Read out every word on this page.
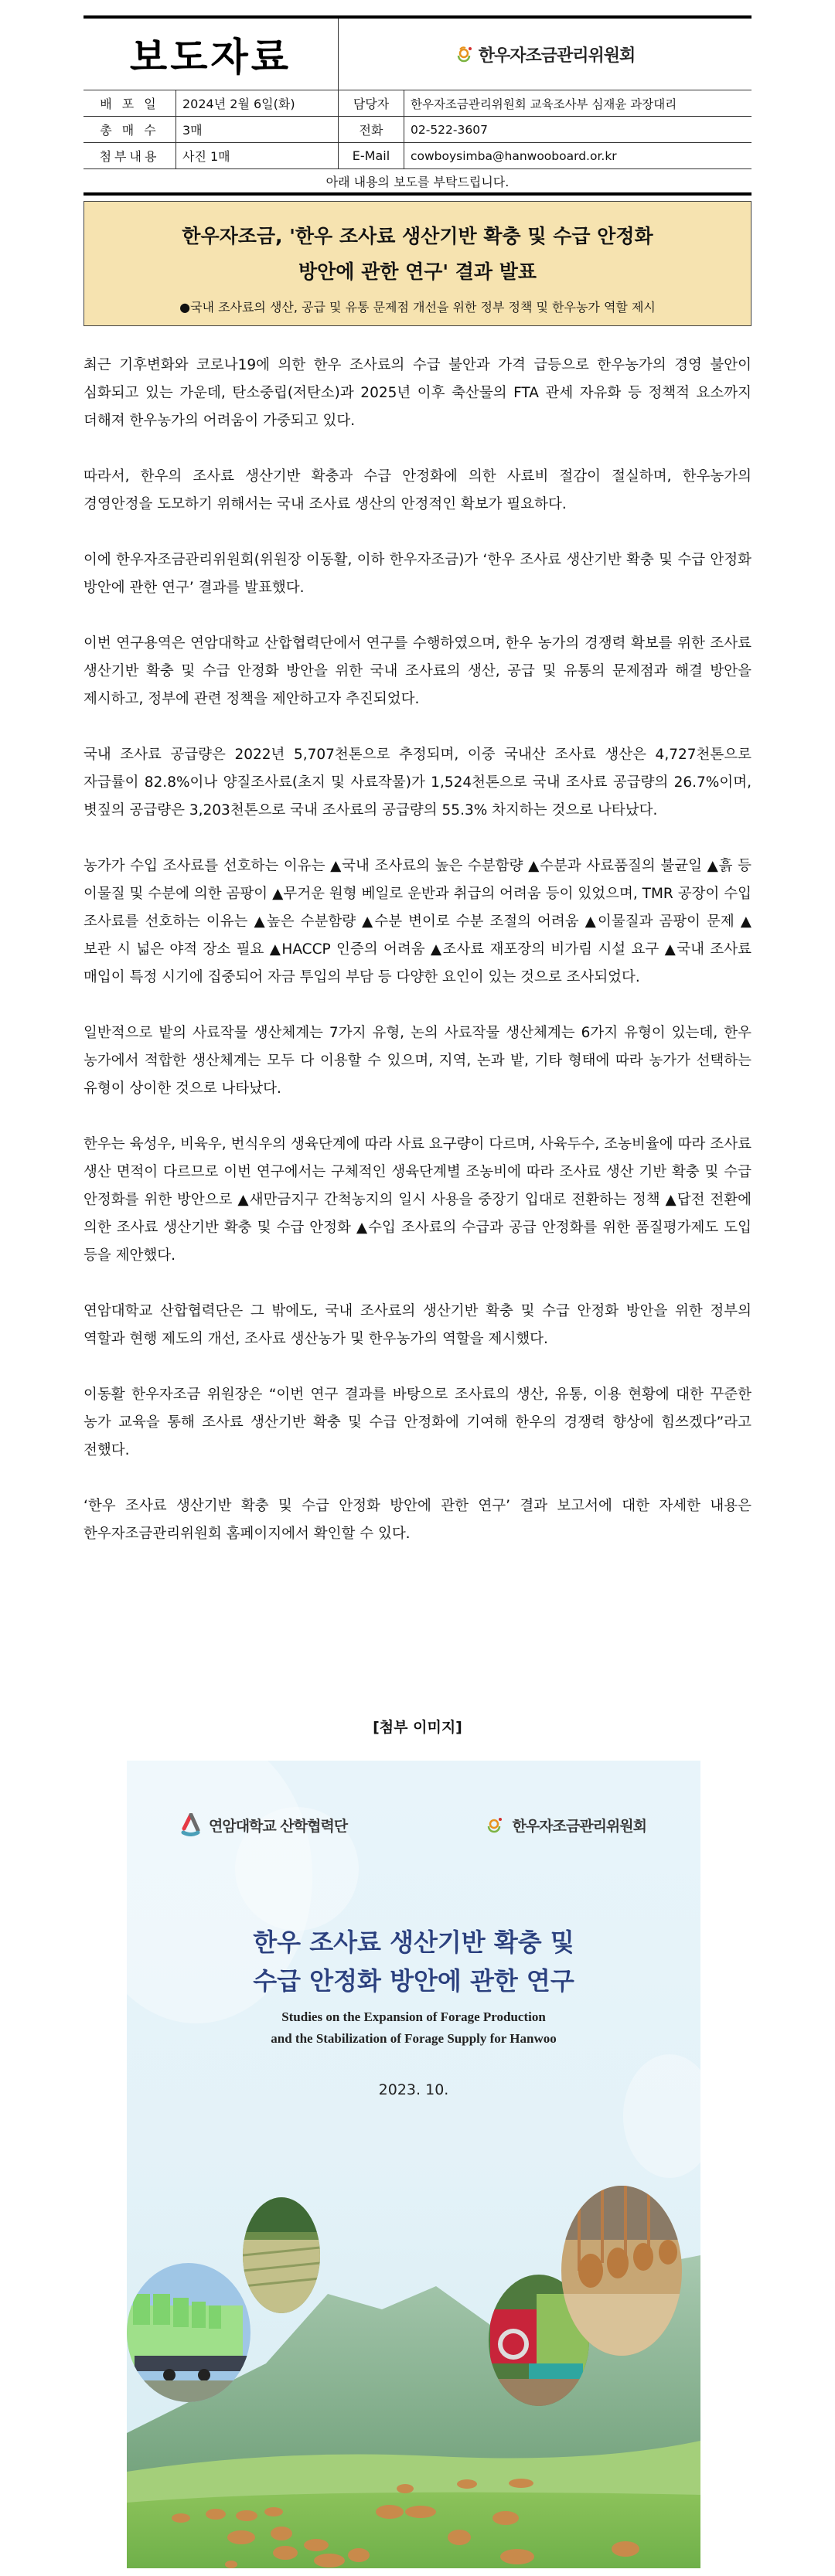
보도자료	한우자조금관리위원회
배 포 일	2024년 2월 6일(화)	담당자	한우자조금관리위원회 교육조사부 심재윤 과장대리
총 매 수	3매	전화	02-522-3607
첨부내용	사진 1매	E-Mail	cowboysimba@hanwooboard.or.kr
아래 내용의 보도를 부탁드립니다.
한우자조금, '한우 조사료 생산기반 확충 및 수급 안정화
방안에 관한 연구' 결과 발표
●국내 조사료의 생산, 공급 및 유통 문제점 개선을 위한 정부 정책 및 한우농가 역할 제시

최근 기후변화와 코로나19에 의한 한우 조사료의 수급 불안과 가격 급등으로 한우농가의 경영 불안이 심화되고 있는 가운데, 탄소중립(저탄소)과 2025년 이후 축산물의 FTA 관세 자유화 등 정책적 요소까지 더해져 한우농가의 어려움이 가중되고 있다.

따라서, 한우의 조사료 생산기반 확충과 수급 안정화에 의한 사료비 절감이 절실하며, 한우농가의 경영안정을 도모하기 위해서는 국내 조사료 생산의 안정적인 확보가 필요하다.

이에 한우자조금관리위원회(위원장 이동활, 이하 한우자조금)가 ‘한우 조사료 생산기반 확충 및 수급 안정화 방안에 관한 연구’ 결과를 발표했다.

이번 연구용역은 연암대학교 산합협력단에서 연구를 수행하였으며, 한우 농가의 경쟁력 확보를 위한 조사료 생산기반 확충 및 수급 안정화 방안을 위한 국내 조사료의 생산, 공급 및 유통의 문제점과 해결 방안을 제시하고, 정부에 관련 정책을 제안하고자 추진되었다.

국내 조사료 공급량은 2022년 5,707천톤으로 추정되며, 이중 국내산 조사료 생산은 4,727천톤으로 자급률이 82.8%이나 양질조사료(초지 및 사료작물)가 1,524천톤으로 국내 조사료 공급량의 26.7%이며, 볏짚의 공급량은 3,203천톤으로 국내 조사료의 공급량의 55.3% 차지하는 것으로 나타났다.

농가가 수입 조사료를 선호하는 이유는 ▲국내 조사료의 높은 수분함량 ▲수분과 사료품질의 불균일 ▲흙 등 이물질 및 수분에 의한 곰팡이 ▲무거운 원형 베일로 운반과 취급의 어려움 등이 있었으며, TMR 공장이 수입 조사료를 선호하는 이유는 ▲높은 수분함량 ▲수분 변이로 수분 조절의 어려움 ▲이물질과 곰팡이 문제 ▲보관 시 넓은 야적 장소 필요 ▲HACCP 인증의 어려움 ▲조사료 재포장의 비가림 시설 요구 ▲국내 조사료 매입이 특정 시기에 집중되어 자금 투입의 부담 등 다양한 요인이 있는 것으로 조사되었다.

일반적으로 밭의 사료작물 생산체계는 7가지 유형, 논의 사료작물 생산체계는 6가지 유형이 있는데, 한우 농가에서 적합한 생산체계는 모두 다 이용할 수 있으며, 지역, 논과 밭, 기타 형태에 따라 농가가 선택하는 유형이 상이한 것으로 나타났다.

한우는 육성우, 비육우, 번식우의 생육단계에 따라 사료 요구량이 다르며, 사육두수, 조농비율에 따라 조사료 생산 면적이 다르므로 이번 연구에서는 구체적인 생육단계별 조농비에 따라 조사료 생산 기반 확충 및 수급 안정화를 위한 방안으로 ▲새만금지구 간척농지의 일시 사용을 중장기 입대로 전환하는 정책 ▲답전 전환에 의한 조사료 생산기반 확충 및 수급 안정화 ▲수입 조사료의 수급과 공급 안정화를 위한 품질평가제도 도입 등을 제안했다.

연암대학교 산합협력단은 그 밖에도, 국내 조사료의 생산기반 확충 및 수급 안정화 방안을 위한 정부의 역할과 현행 제도의 개선, 조사료 생산농가 및 한우농가의 역할을 제시했다.

이동활 한우자조금 위원장은 “이번 연구 결과를 바탕으로 조사료의 생산, 유통, 이용 현황에 대한 꾸준한 농가 교육을 통해 조사료 생산기반 확충 및 수급 안정화에 기여해 한우의 경쟁력 향상에 힘쓰겠다”라고 전했다.

‘한우 조사료 생산기반 확충 및 수급 안정화 방안에 관한 연구’ 결과 보고서에 대한 자세한 내용은 한우자조금관리위원회 홈페이지에서 확인할 수 있다.

[첨부 이미지]
연암대학교 산학협력단	한우자조금관리위원회
한우 조사료 생산기반 확충 및
수급 안정화 방안에 관한 연구
Studies on the Expansion of Forage Production
and the Stabilization of Forage Supply for Hanwoo
2023. 10.
